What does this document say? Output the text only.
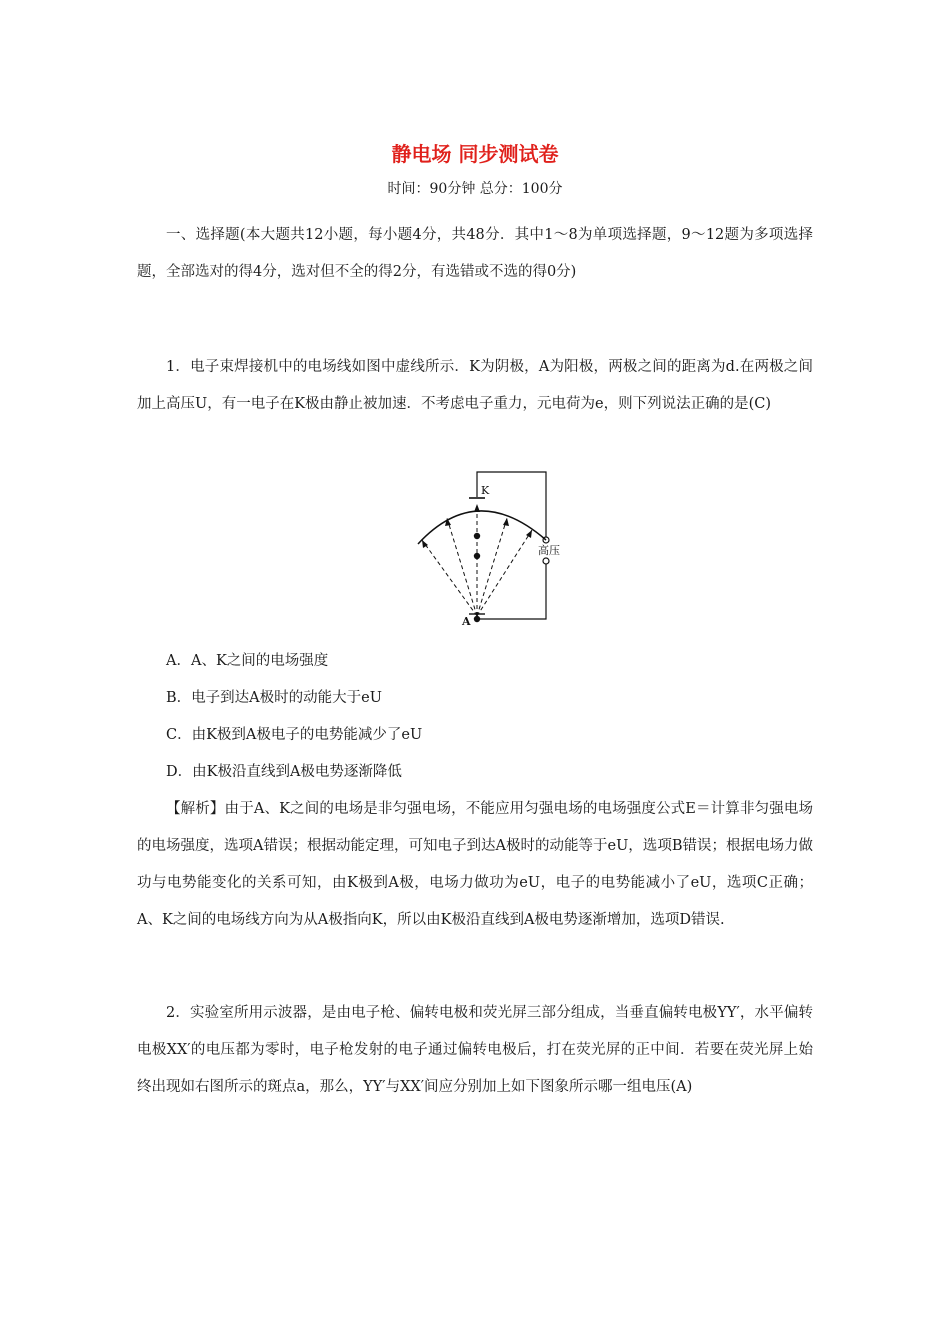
静电场 同步测试卷
时间：90分钟 总分：100分
一、选择题(本大题共12小题，每小题4分，共48分．其中1～8为单项选择题，9～12题为多项选择题，全部选对的得4分，选对但不全的得2分，有选错或不选的得0分)
1．电子束焊接机中的电场线如图中虚线所示．K为阴极，A为阳极，两极之间的距离为d.在两极之间加上高压U，有一电子在K极由静止被加速．不考虑电子重力，元电荷为e，则下列说法正确的是(C)
K
A
高压
A．A、K之间的电场强度
B．电子到达A极时的动能大于eU
C．由K极到A极电子的电势能减少了eU
D．由K极沿直线到A极电势逐渐降低
【解析】由于A、K之间的电场是非匀强电场，不能应用匀强电场的电场强度公式E＝计算非匀强电场的电场强度，选项A错误；根据动能定理，可知电子到达A极时的动能等于eU，选项B错误；根据电场力做功与电势能变化的关系可知，由K极到A极，电场力做功为eU，电子的电势能减小了eU，选项C正确；A、K之间的电场线方向为从A极指向K，所以由K极沿直线到A极电势逐渐增加，选项D错误.
2．实验室所用示波器，是由电子枪、偏转电极和荧光屏三部分组成，当垂直偏转电极YY′，水平偏转电极XX′的电压都为零时，电子枪发射的电子通过偏转电极后，打在荧光屏的正中间．若要在荧光屏上始终出现如右图所示的斑点a，那么，YY′与XX′间应分别加上如下图象所示哪一组电压(A)
